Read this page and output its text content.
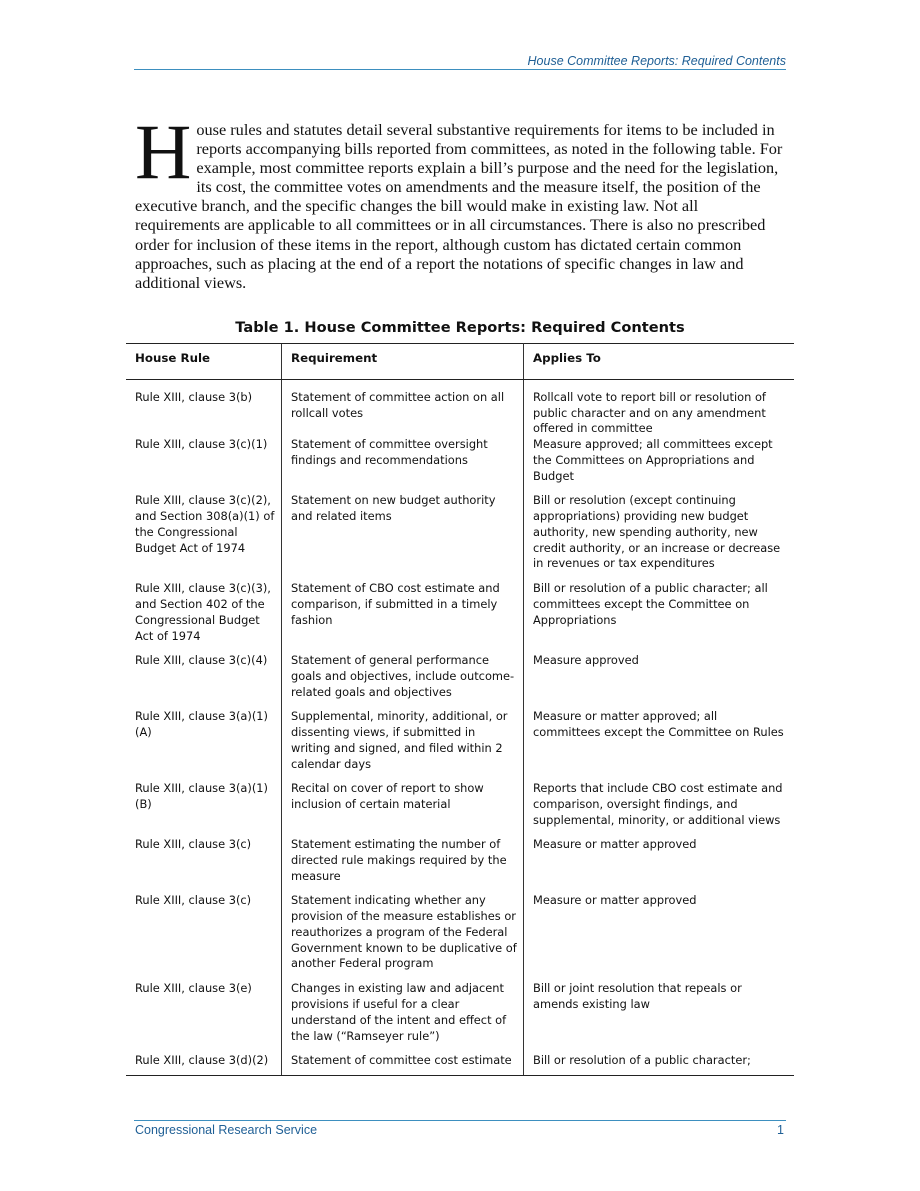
House Committee Reports: Required Contents

House rules and statutes detail several substantive requirements for items to be included in reports accompanying bills reported from committees, as noted in the following table. For example, most committee reports explain a bill’s purpose and the need for the legislation, its cost, the committee votes on amendments and the measure itself, the position of the executive branch, and the specific changes the bill would make in existing law. Not all requirements are applicable to all committees or in all circumstances. There is also no prescribed order for inclusion of these items in the report, although custom has dictated certain common approaches, such as placing at the end of a report the notations of specific changes in law and additional views.

Table 1. House Committee Reports: Required Contents
House Rule	Requirement	Applies To
Rule XIII, clause 3(b)	Statement of committee action on all rollcall votes	Rollcall vote to report bill or resolution of public character and on any amendment offered in committee
Rule XIII, clause 3(c)(1)	Statement of committee oversight findings and recommendations	Measure approved; all committees except the Committees on Appropriations and Budget
Rule XIII, clause 3(c)(2), and Section 308(a)(1) of the Congressional Budget Act of 1974	Statement on new budget authority and related items	Bill or resolution (except continuing appropriations) providing new budget authority, new spending authority, new credit authority, or an increase or decrease in revenues or tax expenditures
Rule XIII, clause 3(c)(3), and Section 402 of the Congressional Budget Act of 1974	Statement of CBO cost estimate and comparison, if submitted in a timely fashion	Bill or resolution of a public character; all committees except the Committee on Appropriations
Rule XIII, clause 3(c)(4)	Statement of general performance goals and objectives, include outcome-related goals and objectives	Measure approved
Rule XIII, clause 3(a)(1)(A)	Supplemental, minority, additional, or dissenting views, if submitted in writing and signed, and filed within 2 calendar days	Measure or matter approved; all committees except the Committee on Rules
Rule XIII, clause 3(a)(1)(B)	Recital on cover of report to show inclusion of certain material	Reports that include CBO cost estimate and comparison, oversight findings, and supplemental, minority, or additional views
Rule XIII, clause 3(c)	Statement estimating the number of directed rule makings required by the measure	Measure or matter approved
Rule XIII, clause 3(c)	Statement indicating whether any provision of the measure establishes or reauthorizes a program of the Federal Government known to be duplicative of another Federal program	Measure or matter approved
Rule XIII, clause 3(e)	Changes in existing law and adjacent provisions if useful for a clear understand of the intent and effect of the law (“Ramseyer rule”)	Bill or joint resolution that repeals or amends existing law
Rule XIII, clause 3(d)(2)	Statement of committee cost estimate	Bill or resolution of a public character;
Congressional Research Service	1
